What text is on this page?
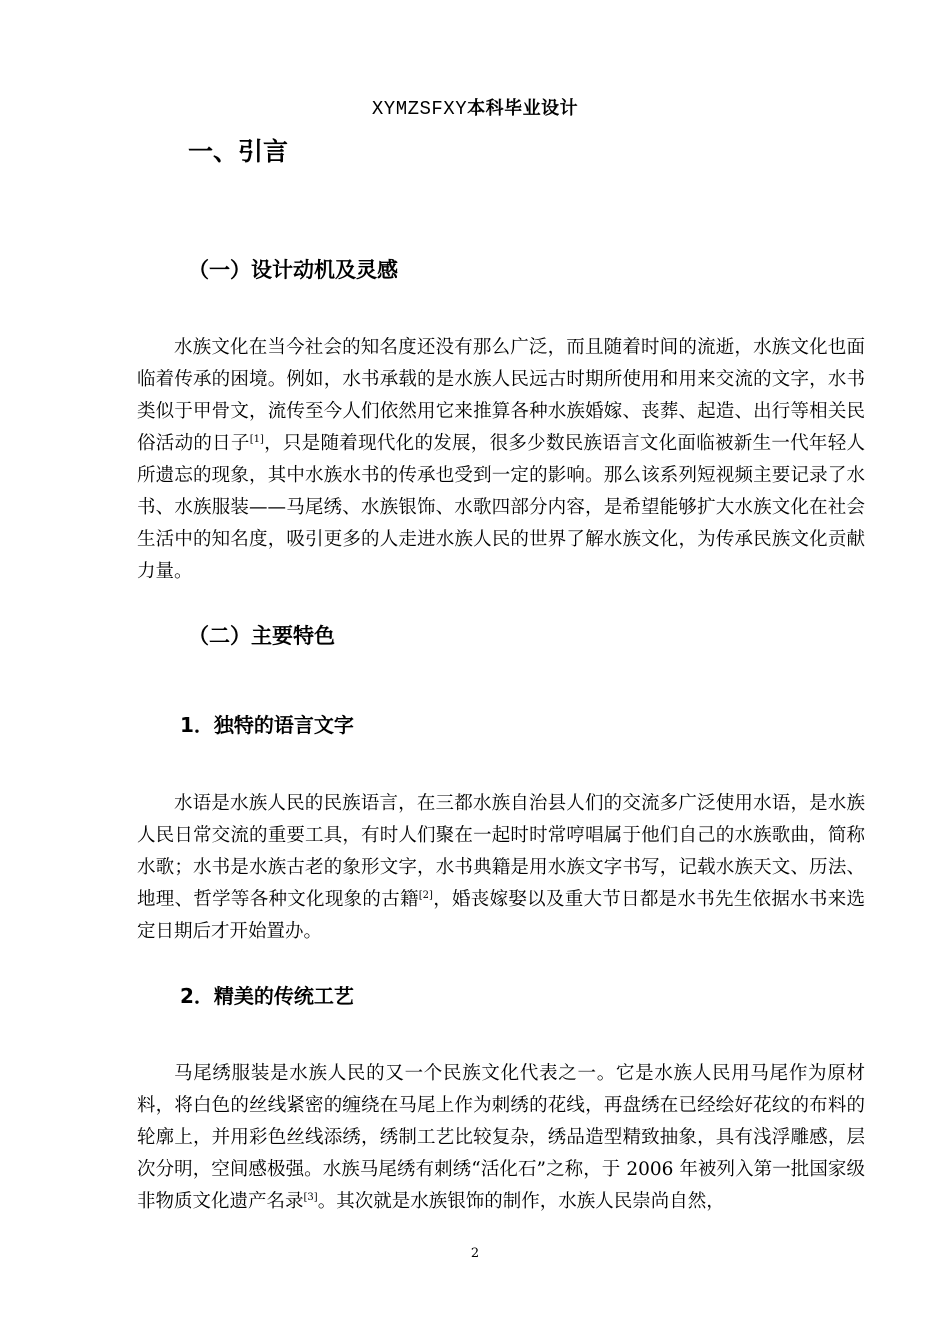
XYMZSFXY本科毕业设计
一、引言
（一）设计动机及灵感

水族文化在当今社会的知名度还没有那么广泛，而且随着时间的流逝，水族文化也面临着传承的困境。例如，水书承载的是水族人民远古时期所使用和用来交流的文字，水书类似于甲骨文，流传至今人们依然用它来推算各种水族婚嫁、丧葬、起造、出行等相关民俗活动的日子[1]，只是随着现代化的发展，很多少数民族语言文化面临被新生一代年轻人所遗忘的现象，其中水族水书的传承也受到一定的影响。那么该系列短视频主要记录了水书、水族服装——马尾绣、水族银饰、水歌四部分内容，是希望能够扩大水族文化在社会生活中的知名度，吸引更多的人走进水族人民的世界了解水族文化，为传承民族文化贡献力量。

（二）主要特色
1．独特的语言文字

水语是水族人民的民族语言，在三都水族自治县人们的交流多广泛使用水语，是水族人民日常交流的重要工具，有时人们聚在一起时时常哼唱属于他们自己的水族歌曲，简称水歌；水书是水族古老的象形文字，水书典籍是用水族文字书写，记载水族天文、历法、地理、哲学等各种文化现象的古籍[2]，婚丧嫁娶以及重大节日都是水书先生依据水书来选定日期后才开始置办。

2．精美的传统工艺

马尾绣服装是水族人民的又一个民族文化代表之一。它是水族人民用马尾作为原材料，将白色的丝线紧密的缠绕在马尾上作为刺绣的花线，再盘绣在已经绘好花纹的布料的轮廓上，并用彩色丝线添绣，绣制工艺比较复杂，绣品造型精致抽象，具有浅浮雕感，层次分明，空间感极强。水族马尾绣有刺绣“活化石”之称，于 2006 年被列入第一批国家级非物质文化遗产名录[3]。其次就是水族银饰的制作，水族人民崇尚自然，

2
